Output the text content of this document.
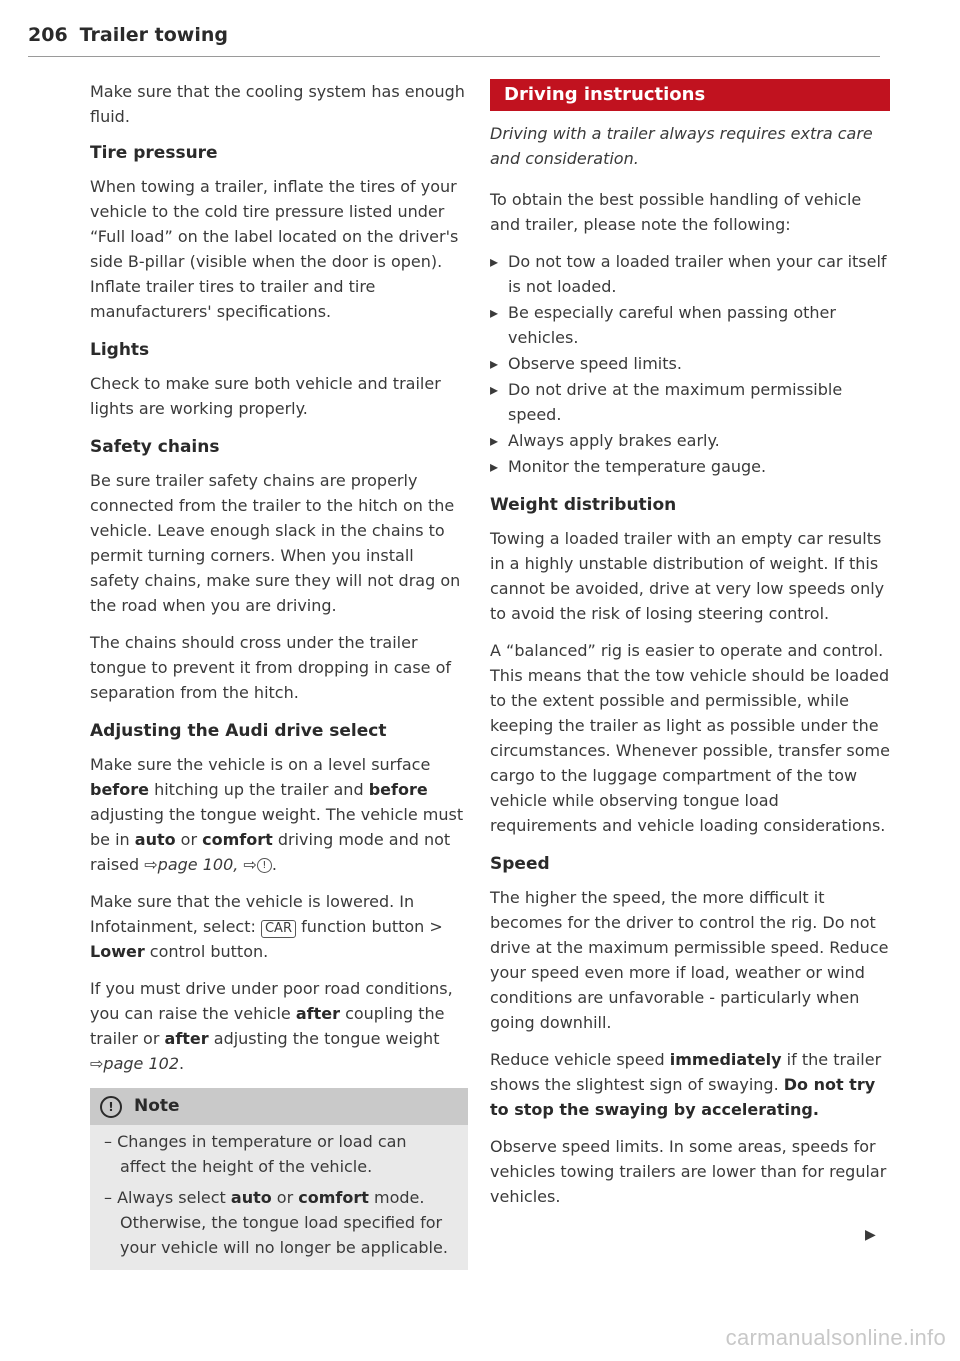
206 Trailer towing

Make sure that the cooling system has enough fluid.

Tire pressure

When towing a trailer, inflate the tires of your vehicle to the cold tire pressure listed under “Full load” on the label located on the driver's side B-pillar (visible when the door is open). Inflate trailer tires to trailer and tire manufacturers' specifications.

Lights

Check to make sure both vehicle and trailer lights are working properly.

Safety chains

Be sure trailer safety chains are properly connected from the trailer to the hitch on the vehicle. Leave enough slack in the chains to permit turning corners. When you install safety chains, make sure they will not drag on the road when you are driving.

The chains should cross under the trailer tongue to prevent it from dropping in case of separation from the hitch.

Adjusting the Audi drive select

Make sure the vehicle is on a level surface before hitching up the trailer and before adjusting the tongue weight. The vehicle must be in auto or comfort driving mode and not raised ⇨page 100, ⇨ ! .

Make sure that the vehicle is lowered. In Infotainment, select: CAR function button > Lower control button.

If you must drive under poor road conditions, you can raise the vehicle after coupling the trailer or after adjusting the tongue weight ⇨page 102.

!	Note
– Changes in temperature or load can affect the height of the vehicle.
– Always select auto or comfort mode. Otherwise, the tongue load specified for your vehicle will no longer be applicable.
Driving instructions

Driving with a trailer always requires extra care and consideration.

To obtain the best possible handling of vehicle and trailer, please note the following:

▸ Do not tow a loaded trailer when your car itself is not loaded.
▸ Be especially careful when passing other vehicles.
▸ Observe speed limits.
▸ Do not drive at the maximum permissible speed.
▸ Always apply brakes early.
▸ Monitor the temperature gauge.
Weight distribution

Towing a loaded trailer with an empty car results in a highly unstable distribution of weight. If this cannot be avoided, drive at very low speeds only to avoid the risk of losing steering control.

A “balanced” rig is easier to operate and control. This means that the tow vehicle should be loaded to the extent possible and permissible, while keeping the trailer as light as possible under the circumstances. Whenever possible, transfer some cargo to the luggage compartment of the tow vehicle while observing tongue load requirements and vehicle loading considerations.

Speed

The higher the speed, the more difficult it becomes for the driver to control the rig. Do not drive at the maximum permissible speed. Reduce your speed even more if load, weather or wind conditions are unfavorable - particularly when going downhill.

Reduce vehicle speed immediately if the trailer shows the slightest sign of swaying. Do not try to stop the swaying by accelerating.

Observe speed limits. In some areas, speeds for vehicles towing trailers are lower than for regular vehicles.

▶
carmanualsonline.info
